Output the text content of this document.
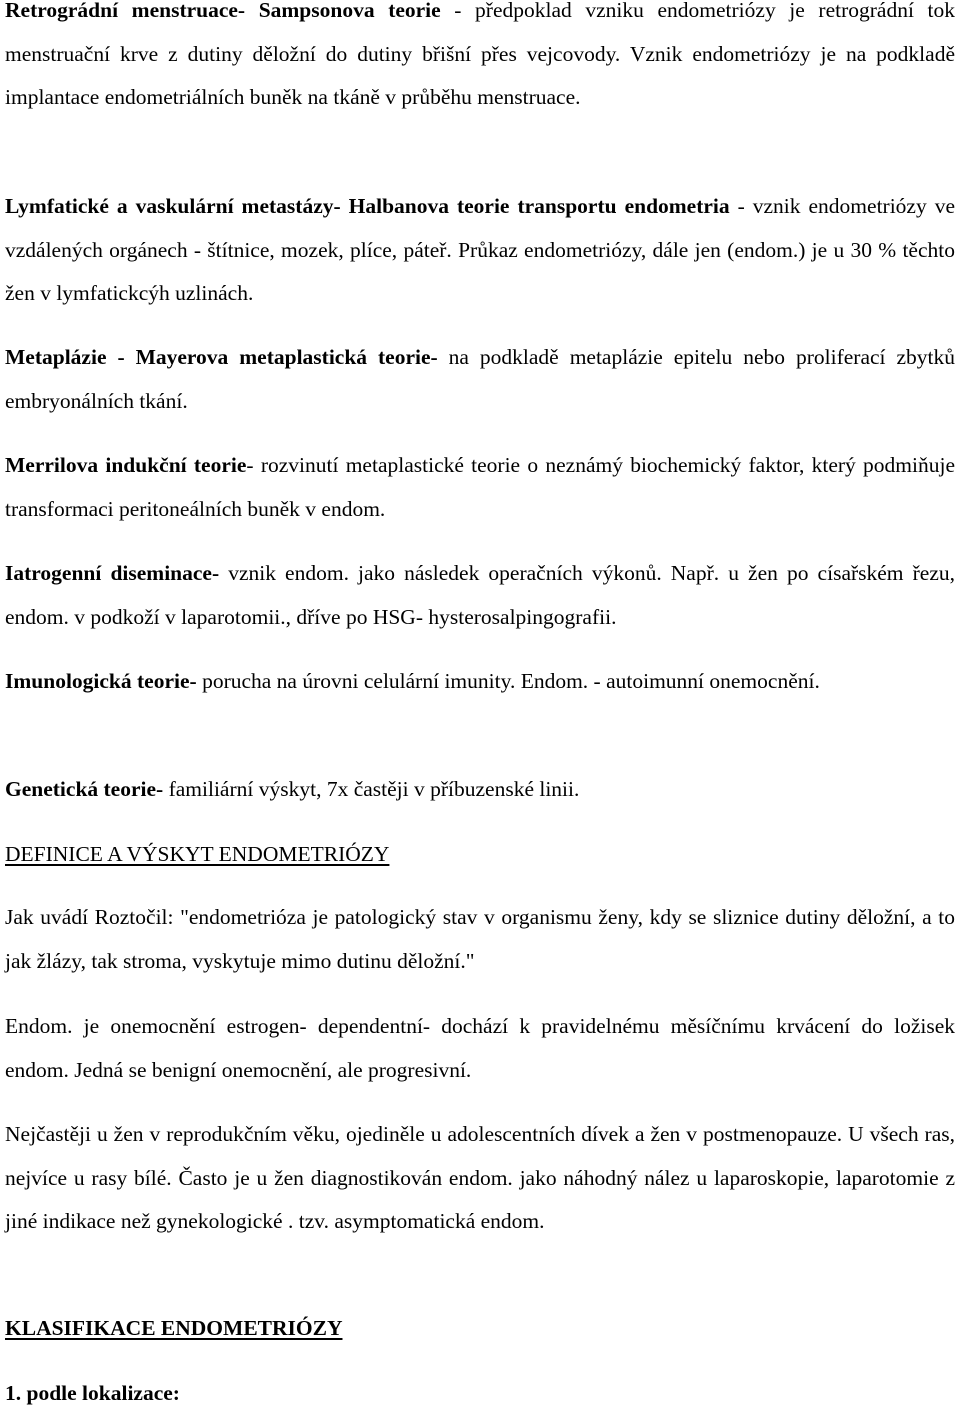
Retrográdní menstruace- Sampsonova teorie - předpoklad vzniku endometriózy je retrográdní tok menstruační krve z dutiny děložní do dutiny břišní přes vejcovody. Vznik endometriózy je na podkladě implantace endometriálních buněk na tkáně v průběhu menstruace.

Lymfatické a vaskulární metastázy- Halbanova teorie transportu endometria - vznik endometriózy ve vzdálených orgánech - štítnice, mozek, plíce, páteř. Průkaz endometriózy, dále jen (endom.) je u 30 % těchto žen v lymfatickcýh uzlinách.

Metaplázie - Mayerova metaplastická teorie- na podkladě metaplázie epitelu nebo proliferací zbytků embryonálních tkání.

Merrilova indukční teorie- rozvinutí metaplastické teorie o neznámý biochemický faktor, který podmiňuje transformaci peritoneálních buněk v endom.

Iatrogenní diseminace- vznik endom. jako následek operačních výkonů. Např. u žen po císařském řezu, endom. v podkoží v laparotomii., dříve po HSG- hysterosalpingografii.

Imunologická teorie- porucha na úrovni celulární imunity. Endom. - autoimunní onemocnění.

Genetická teorie- familiární výskyt, 7x častěji v příbuzenské linii.

DEFINICE A VÝSKYT ENDOMETRIÓZY

Jak uvádí Roztočil: "endometrióza je patologický stav v organismu ženy, kdy se sliznice dutiny děložní, a to jak žlázy, tak stroma, vyskytuje mimo dutinu děložní."

Endom. je onemocnění estrogen- dependentní- dochází k pravidelnému měsíčnímu krvácení do ložisek endom. Jedná se benigní onemocnění, ale progresivní.

Nejčastěji u žen v reprodukčním věku, ojediněle u adolescentních dívek a žen v postmenopauze. U všech ras, nejvíce u rasy bílé. Často je u žen diagnostikován endom. jako náhodný nález u laparoskopie, laparotomie z jiné indikace než gynekologické . tzv. asymptomatická endom.

KLASIFIKACE ENDOMETRIÓZY
1. podle lokalizace:
